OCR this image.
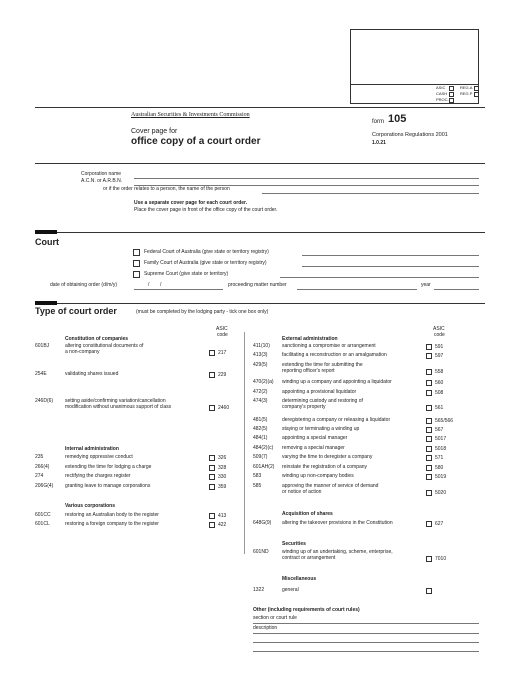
ASIC
CASH
PROC.
REG.A
REG.P
Australian Securities & Investments Commission
form 105
Cover page for
office copy of a court order
Corporations Regulations 2001
1.0.21
Corporation name
A.C.N. or A.R.B.N.
or if the order relates to a person, the name of the person
Use a separate cover page for each court order.
Place the cover page in front of the office copy of the court order.
Court
Federal Court of Australia (give state or territory registry)
Family Court of Australia (give state or territory registry)
Supreme Court (give state or territory)
date of obtaining order (d/m/y)	/ /	proceeding matter number	year
Type of court order	(must be completed by the lodging party - tick one box only)
ASIC
code
ASIC
code
Other (including requirements of court rules)
section or court rule
description
Constitution of companies
601BJ	altering constitutional documents of
a non-company	217
254E	validating shares issued	229
246D(6) setting aside/confirming variation/cancellation
modification without unanimous support of class	2460
Internal administration
235	remedying oppressive conduct	326
266(4)	extending the time for lodging a charge	328
274	rectifying the charges register	330
206G(4) granting leave to manage corporations	359
Various corporations
601CC	restoring an Australian body to the register	413
601CL	restoring a foreign company to the register	422
External administration
411(10) sanctioning a compromise or arrangement	591
413(3)	facilitating a reconstruction or an amalgamation	597
429(5)	extending the time for submitting the
reporting officer's report	558
470(2)(a) winding up a company and appointing a liquidator	560
472(2)	appointing a provisional liquidator	508
474(3)	determining custody and restoring of
company's property	561
481(5)	deregistering a company or releasing a liquidator	565/566
482(5)	staying or terminating a winding up	567
484(1)	appointing a special manager	5017
484(2)(c) removing a special manager	5018
509(7)	varying the time to deregister a company	571
601AH(2) reinstate the registration of a company	580
583	winding up non-company bodies	5019
585	approving the manner of service of demand
or notice of action	5020
Acquisition of shares
648G(9) altering the takeover provisions in the Constitution	627
Securities
601ND	winding up of an undertaking, scheme, enterprise,
contract or arrangement	7010
Miscellaneous
1322	general
